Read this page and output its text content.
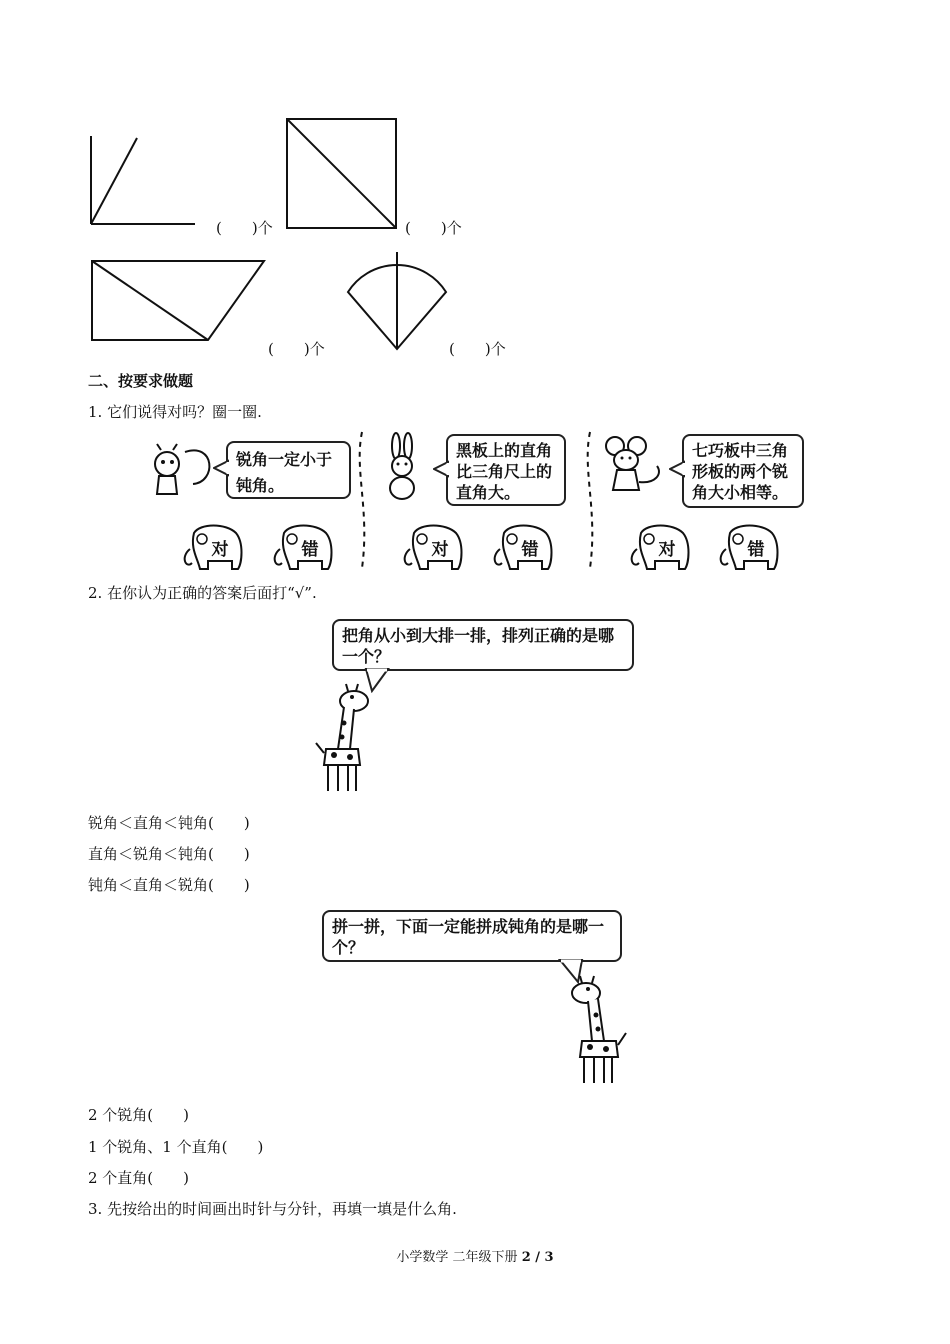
(　　)个	(　　)个
(　　)个	(　　)个
二、按要求做题
1. 它们说得对吗？圈一圈.
锐角一定小于钝角。
对	错
黑板上的直角比三角尺上的直角大。
对	错
七巧板中三角形板的两个锐角大小相等。
对	错
2. 在你认为正确的答案后面打“√”.
把角从小到大排一排，排列正确的是哪一个？
锐角＜直角＜钝角(　　)
直角＜锐角＜钝角(　　)
钝角＜直角＜锐角(　　)
拼一拼，下面一定能拼成钝角的是哪一个？
2 个锐角(　　)
1 个锐角、1 个直角(　　)
2 个直角(　　)
3. 先按给出的时间画出时针与分针，再填一填是什么角.
小学数学 二年级下册 2 / 3
